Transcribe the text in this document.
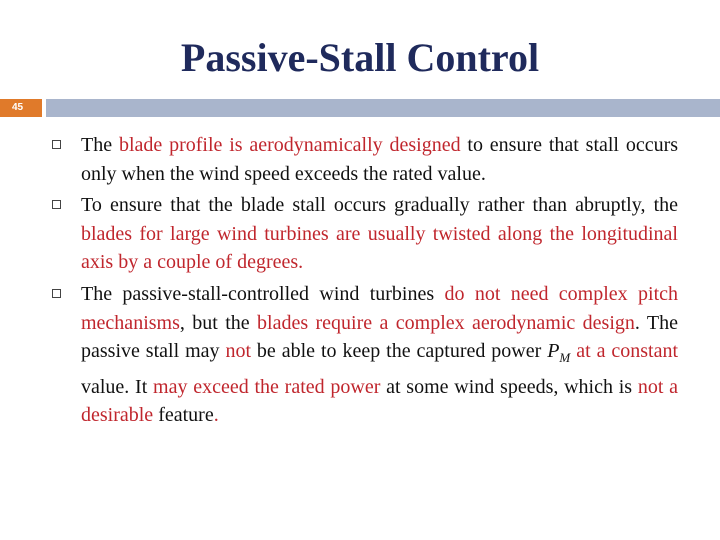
Passive-Stall Control
45
The blade profile is aerodynamically designed to ensure that stall occurs only when the wind speed exceeds the rated value.
To ensure that the blade stall occurs gradually rather than abruptly, the blades for large wind turbines are usually twisted along the longitudinal axis by a couple of degrees.
The passive-stall-controlled wind turbines do not need complex pitch mechanisms, but the blades require a complex aerodynamic design. The passive stall may not be able to keep the captured power $P_M$ at a constant value. It may exceed the rated power at some wind speeds, which is not a desirable feature.
